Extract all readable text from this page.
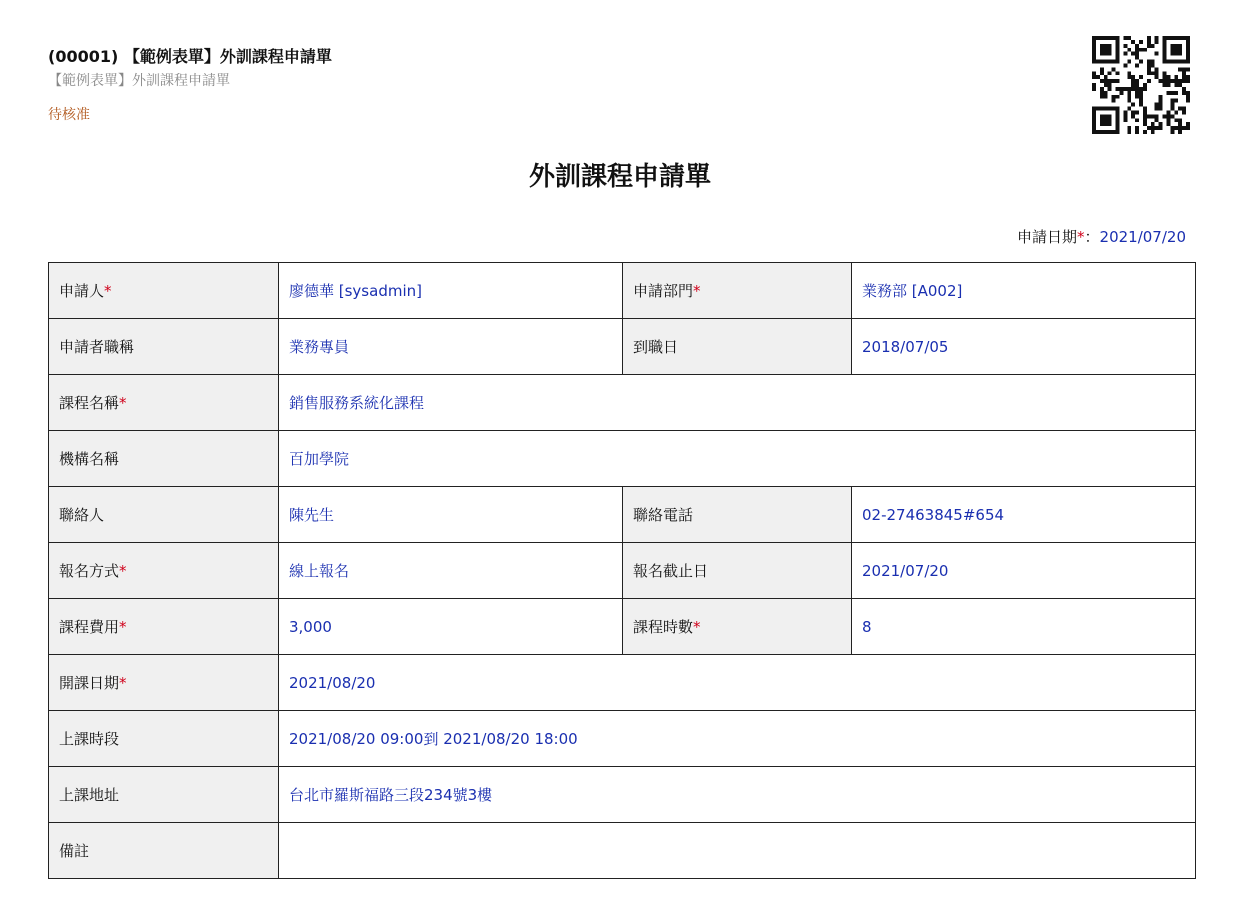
(00001) 【範例表單】外訓課程申請單
【範例表單】外訓課程申請單
待核准
外訓課程申請單
申請日期*：2021/07/20
申請人*	廖德華 [sysadmin]	申請部門*	業務部 [A002]
申請者職稱	業務專員	到職日	2018/07/05
課程名稱*	銷售服務系統化課程		
機構名稱	百加學院		
聯絡人	陳先生	聯絡電話	02-27463845#654
報名方式*	線上報名	報名截止日	2021/07/20
課程費用*	3,000	課程時數*	8
開課日期*	2021/08/20		
上課時段	2021/08/20 09:00到 2021/08/20 18:00		
上課地址	台北市羅斯福路三段234號3樓		
備註			
